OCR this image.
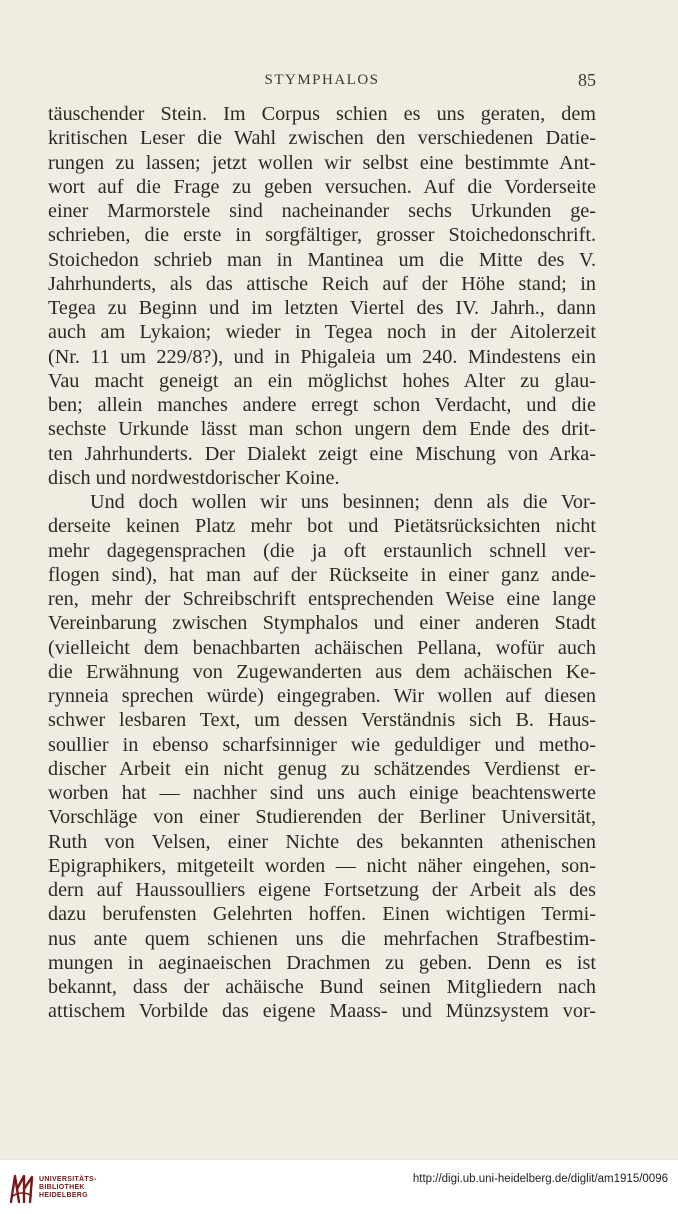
STYMPHALOS	85
täuschender Stein. Im Corpus schien es uns geraten, dem
kritischen Leser die Wahl zwischen den verschiedenen Datie-
rungen zu lassen; jetzt wollen wir selbst eine bestimmte Ant-
wort auf die Frage zu geben versuchen. Auf die Vorderseite
einer Marmorstele sind nacheinander sechs Urkunden ge-
schrieben, die erste in sorgfältiger, grosser Stoichedonschrift.
Stoichedon schrieb man in Mantinea um die Mitte des V.
Jahrhunderts, als das attische Reich auf der Höhe stand; in
Tegea zu Beginn und im letzten Viertel des IV. Jahrh., dann
auch am Lykaion; wieder in Tegea noch in der Aitolerzeit
(Nr. 11 um 229/8?), und in Phigaleia um 240. Mindestens ein
Vau macht geneigt an ein möglichst hohes Alter zu glau-
ben; allein manches andere erregt schon Verdacht, und die
sechste Urkunde lässt man schon ungern dem Ende des drit-
ten Jahrhunderts. Der Dialekt zeigt eine Mischung von Arka-
disch und nordwestdorischer Koine.
Und doch wollen wir uns besinnen; denn als die Vor-
derseite keinen Platz mehr bot und Pietätsrücksichten nicht
mehr dagegensprachen (die ja oft erstaunlich schnell ver-
flogen sind), hat man auf der Rückseite in einer ganz ande-
ren, mehr der Schreibschrift entsprechenden Weise eine lange
Vereinbarung zwischen Stymphalos und einer anderen Stadt
(vielleicht dem benachbarten achäischen Pellana, wofür auch
die Erwähnung von Zugewanderten aus dem achäischen Ke-
rynneia sprechen würde) eingegraben. Wir wollen auf diesen
schwer lesbaren Text, um dessen Verständnis sich B. Haus-
soullier in ebenso scharfsinniger wie geduldiger und metho-
discher Arbeit ein nicht genug zu schätzendes Verdienst er-
worben hat — nachher sind uns auch einige beachtenswerte
Vorschläge von einer Studierenden der Berliner Universität,
Ruth von Velsen, einer Nichte des bekannten athenischen
Epigraphikers, mitgeteilt worden — nicht näher eingehen, son-
dern auf Haussoulliers eigene Fortsetzung der Arbeit als des
dazu berufensten Gelehrten hoffen. Einen wichtigen Termi-
nus ante quem schienen uns die mehrfachen Strafbestim-
mungen in aeginaeischen Drachmen zu geben. Denn es ist
bekannt, dass der achäische Bund seinen Mitgliedern nach
attischem Vorbilde das eigene Maass- und Münzsystem vor-
UNIVERSITÄTS-
BIBLIOTHEK
HEIDELBERG
http://digi.ub.uni-heidelberg.de/diglit/am1915/0096
